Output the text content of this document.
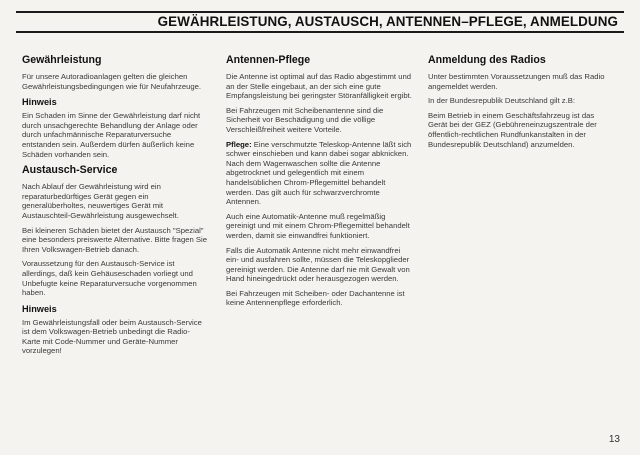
GEWÄHRLEISTUNG, AUSTAUSCH, ANTENNEN–PFLEGE, ANMELDUNG
Gewährleistung

Für unsere Autoradioanlagen gelten die gleichen Gewährleistungsbedingungen wie für Neufahrzeuge.

Hinweis

Ein Schaden im Sinne der Gewährleistung darf nicht durch unsachgerechte Behandlung der Anlage oder durch unfachmännische Reparaturversuche entstanden sein. Außerdem dürfen äußerlich keine Schäden vorhanden sein.

Austausch-Service

Nach Ablauf der Gewährleistung wird ein reparaturbedürftiges Gerät gegen ein generalüberholtes, neuwertiges Gerät mit Austauschteil-Gewährleistung ausgewechselt.

Bei kleineren Schäden bietet der Austausch "Spezial" eine besonders preiswerte Alternative. Bitte fragen Sie Ihren Volkswagen-Betrieb danach.

Voraussetzung für den Austausch-Service ist allerdings, daß kein Gehäuseschaden vorliegt und Unbefugte keine Reparaturversuche vorgenommen haben.

Hinweis

Im Gewährleistungsfall oder beim Austausch-Service ist dem Volkswagen-Betrieb unbedingt die Radio-Karte mit Code-Nummer und Geräte-Nummer vorzulegen!

Antennen-Pflege

Die Antenne ist optimal auf das Radio abgestimmt und an der Stelle eingebaut, an der sich eine gute Empfangsleistung bei geringster Störanfälligkeit ergibt.

Bei Fahrzeugen mit Scheibenantenne sind die Sicherheit vor Beschädigung und die völlige Verschleißfreiheit weitere Vorteile.

Pflege: Eine verschmutzte Teleskop-Antenne läßt sich schwer einschieben und kann dabei sogar abknicken. Nach dem Wagenwaschen sollte die Antenne abgetrocknet und gelegentlich mit einem handelsüblichen Chrom-Pflegemittel behandelt werden. Das gilt auch für schwarzverchromte Antennen.

Auch eine Automatik-Antenne muß regelmäßig gereinigt und mit einem Chrom-Pflegemittel behandelt werden, damit sie einwandfrei funktioniert.

Falls die Automatik Antenne nicht mehr einwandfrei ein- und ausfahren sollte, müssen die Teleskopglieder gereinigt werden. Die Antenne darf nie mit Gewalt von Hand hineingedrückt oder herausgezogen werden.

Bei Fahrzeugen mit Scheiben- oder Dachantenne ist keine Antennenpflege erforderlich.

Anmeldung des Radios

Unter bestimmten Voraussetzungen muß das Radio angemeldet werden.

In der Bundesrepublik Deutschland gilt z.B:

Beim Betrieb in einem Geschäftsfahrzeug ist das Gerät bei der GEZ (Gebühreneinzugszentrale der öffentlich-rechtlichen Rundfunkanstalten in der Bundesrepublik Deutschland) anzumelden.

13
